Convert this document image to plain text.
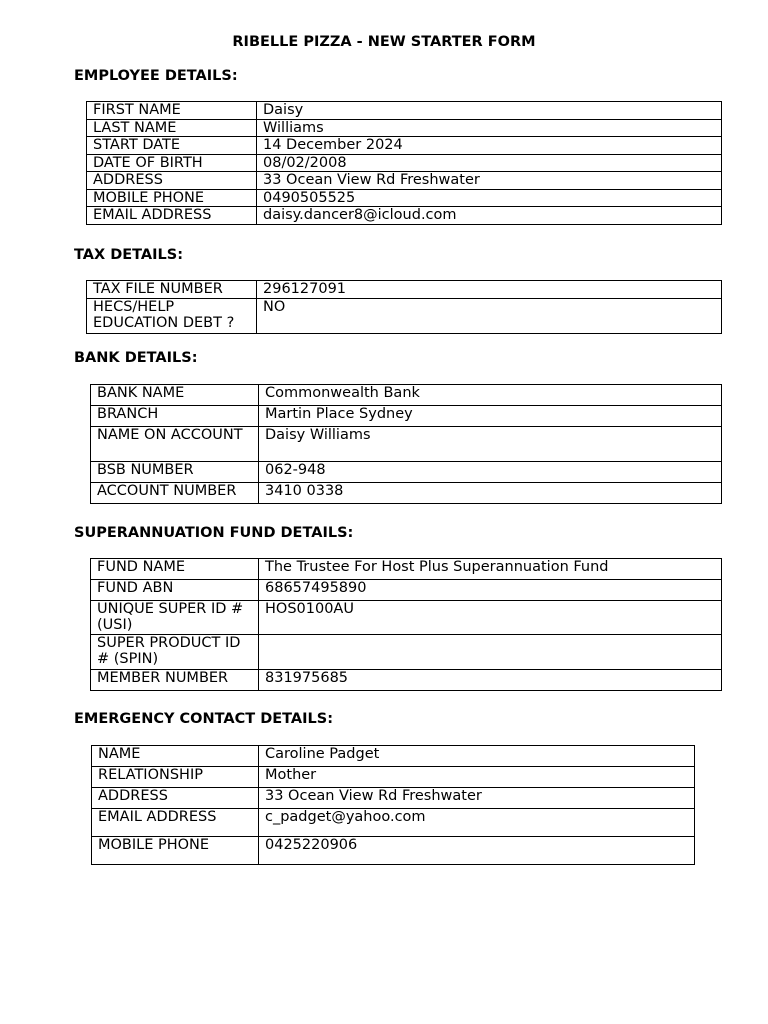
RIBELLE PIZZA - NEW STARTER FORM
EMPLOYEE DETAILS:
FIRST NAME	Daisy
LAST NAME	Williams
START DATE	14 December 2024
DATE OF BIRTH	08/02/2008
ADDRESS	33 Ocean View Rd Freshwater
MOBILE PHONE	0490505525
EMAIL ADDRESS	daisy.dancer8@icloud.com
TAX DETAILS:
TAX FILE NUMBER	296127091
HECS/HELP EDUCATION DEBT ?	NO
BANK DETAILS:
BANK NAME	Commonwealth Bank
BRANCH	Martin Place Sydney
NAME ON ACCOUNT	Daisy Williams
BSB NUMBER	062-948
ACCOUNT NUMBER	3410 0338
SUPERANNUATION FUND DETAILS:
FUND NAME	The Trustee For Host Plus Superannuation Fund
FUND ABN	68657495890
UNIQUE SUPER ID # (USI)	HOS0100AU
SUPER PRODUCT ID # (SPIN)	
MEMBER NUMBER	831975685
EMERGENCY CONTACT DETAILS:
NAME	Caroline Padget
RELATIONSHIP	Mother
ADDRESS	33 Ocean View Rd Freshwater
EMAIL ADDRESS	c_padget@yahoo.com
MOBILE PHONE	0425220906
